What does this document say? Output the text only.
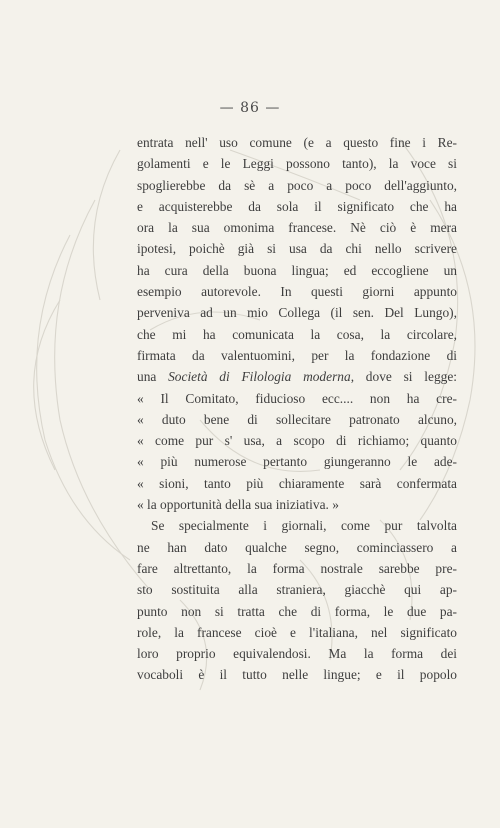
— 86 —
entrata nell' uso comune (e a questo fine i Re-
golamenti e le Leggi possono tanto), la voce si
spoglierebbe da sè a poco a poco dell'aggiunto,
e acquisterebbe da sola il significato che ha
ora la sua omonima francese. Nè ciò è mera
ipotesi, poichè già si usa da chi nello scrivere
ha cura della buona lingua; ed eccogliene un
esempio autorevole. In questi giorni appunto
perveniva ad un mio Collega (il sen. Del Lungo),
che mi ha comunicata la cosa, la circolare,
firmata da valentuomini, per la fondazione di
una Società di Filologia moderna, dove si legge:
« Il Comitato, fiducioso ecc.... non ha cre-
« duto bene di sollecitare patronato alcuno,
« come pur s' usa, a scopo di richiamo; quanto
« più numerose pertanto giungeranno le ade-
« sioni, tanto più chiaramente sarà confermata
« la opportunità della sua iniziativa. »
Se specialmente i giornali, come pur talvolta
ne han dato qualche segno, cominciassero a
fare altrettanto, la forma nostrale sarebbe pre-
sto sostituita alla straniera, giacchè qui ap-
punto non si tratta che di forma, le due pa-
role, la francese cioè e l'italiana, nel significato
loro proprio equivalendosi. Ma la forma dei
vocaboli è il tutto nelle lingue; e il popolo
